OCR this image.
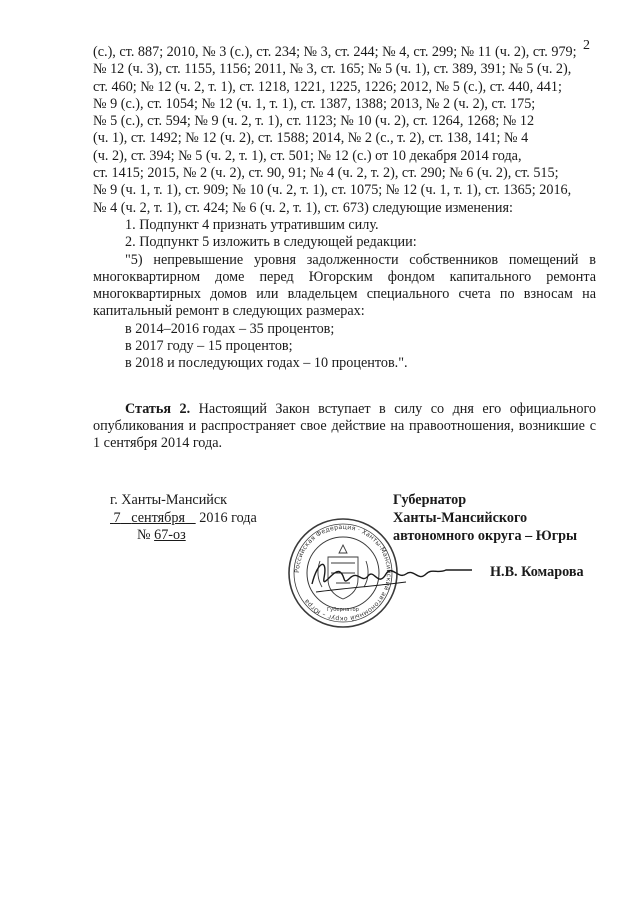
2
(с.), ст. 887; 2010, № 3 (с.), ст. 234; № 3, ст. 244; № 4, ст. 299; № 11 (ч. 2), ст. 979;
№ 12 (ч. 3), ст. 1155, 1156; 2011, № 3, ст. 165; № 5 (ч. 1), ст. 389, 391; № 5 (ч. 2),
ст. 460; № 12 (ч. 2, т. 1), ст. 1218, 1221, 1225, 1226; 2012, № 5 (с.), ст. 440, 441;
№ 9 (с.), ст. 1054; № 12 (ч. 1, т. 1), ст. 1387, 1388; 2013, № 2 (ч. 2), ст. 175;
№ 5 (с.), ст. 594; № 9 (ч. 2, т. 1), ст. 1123; № 10 (ч. 2), ст. 1264, 1268; № 12
(ч. 1), ст. 1492; № 12 (ч. 2), ст. 1588; 2014, № 2 (с., т. 2), ст. 138, 141; № 4
(ч. 2), ст. 394; № 5 (ч. 2, т. 1), ст. 501; № 12 (с.) от 10 декабря 2014 года,
ст. 1415; 2015, № 2 (ч. 2), ст. 90, 91; № 4 (ч. 2, т. 2), ст. 290; № 6 (ч. 2), ст. 515;
№ 9 (ч. 1, т. 1), ст. 909; № 10 (ч. 2, т. 1), ст. 1075; № 12 (ч. 1, т. 1), ст. 1365; 2016,
№ 4 (ч. 2, т. 1), ст. 424; № 6 (ч. 2, т. 1), ст. 673) следующие изменения:

1. Подпункт 4 признать утратившим силу.

2. Подпункт 5 изложить в следующей редакции:

"5) непревышение уровня задолженности собственников помещений в многоквартирном доме перед Югорским фондом капитального ремонта многоквартирных домов или владельцем специального счета по взносам на капитальный ремонт в следующих размерах:

в 2014–2016 годах – 35 процентов;

в 2017 году – 15 процентов;

в 2018 и последующих годах – 10 процентов.".

Статья 2. Настоящий Закон вступает в силу со дня его официального опубликования и распространяет свое действие на правоотношения, возникшие с 1 сентября 2014 года.

г. Ханты-Мансийск
7 сентября 2016 года
№ 67-оз
Губернатор
Ханты-Мансийского
автономного округа – Югры
Н.В. Комарова
Российская Федерация · Ханты-Мансийский автономный округ – Югра
Губернатор
